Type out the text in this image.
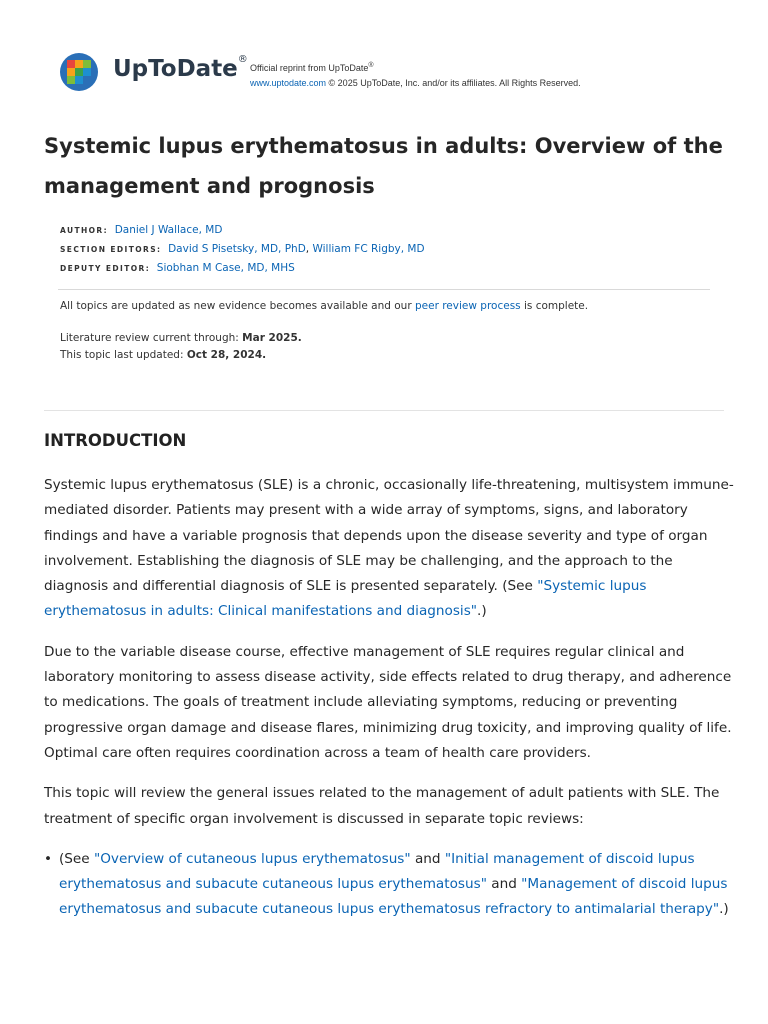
UpToDate®
Official reprint from UpToDate®
www.uptodate.com © 2025 UpToDate, Inc. and/or its affiliates. All Rights Reserved.
Systemic lupus erythematosus in adults: Overview of the management and prognosis
AUTHOR: Daniel J Wallace, MD
SECTION EDITORS: David S Pisetsky, MD, PhD, William FC Rigby, MD
DEPUTY EDITOR: Siobhan M Case, MD, MHS
All topics are updated as new evidence becomes available and our peer review process is complete.
Literature review current through: Mar 2025.
This topic last updated: Oct 28, 2024.
INTRODUCTION

Systemic lupus erythematosus (SLE) is a chronic, occasionally life-threatening, multisystem immune-mediated disorder. Patients may present with a wide array of symptoms, signs, and laboratory findings and have a variable prognosis that depends upon the disease severity and type of organ involvement. Establishing the diagnosis of SLE may be challenging, and the approach to the diagnosis and differential diagnosis of SLE is presented separately. (See "Systemic lupus erythematosus in adults: Clinical manifestations and diagnosis".)

Due to the variable disease course, effective management of SLE requires regular clinical and laboratory monitoring to assess disease activity, side effects related to drug therapy, and adherence to medications. The goals of treatment include alleviating symptoms, reducing or preventing progressive organ damage and disease flares, minimizing drug toxicity, and improving quality of life. Optimal care often requires coordination across a team of health care providers.

This topic will review the general issues related to the management of adult patients with SLE. The treatment of specific organ involvement is discussed in separate topic reviews:

• (See "Overview of cutaneous lupus erythematosus" and "Initial management of discoid lupus erythematosus and subacute cutaneous lupus erythematosus" and "Management of discoid lupus erythematosus and subacute cutaneous lupus erythematosus refractory to antimalarial therapy".)
